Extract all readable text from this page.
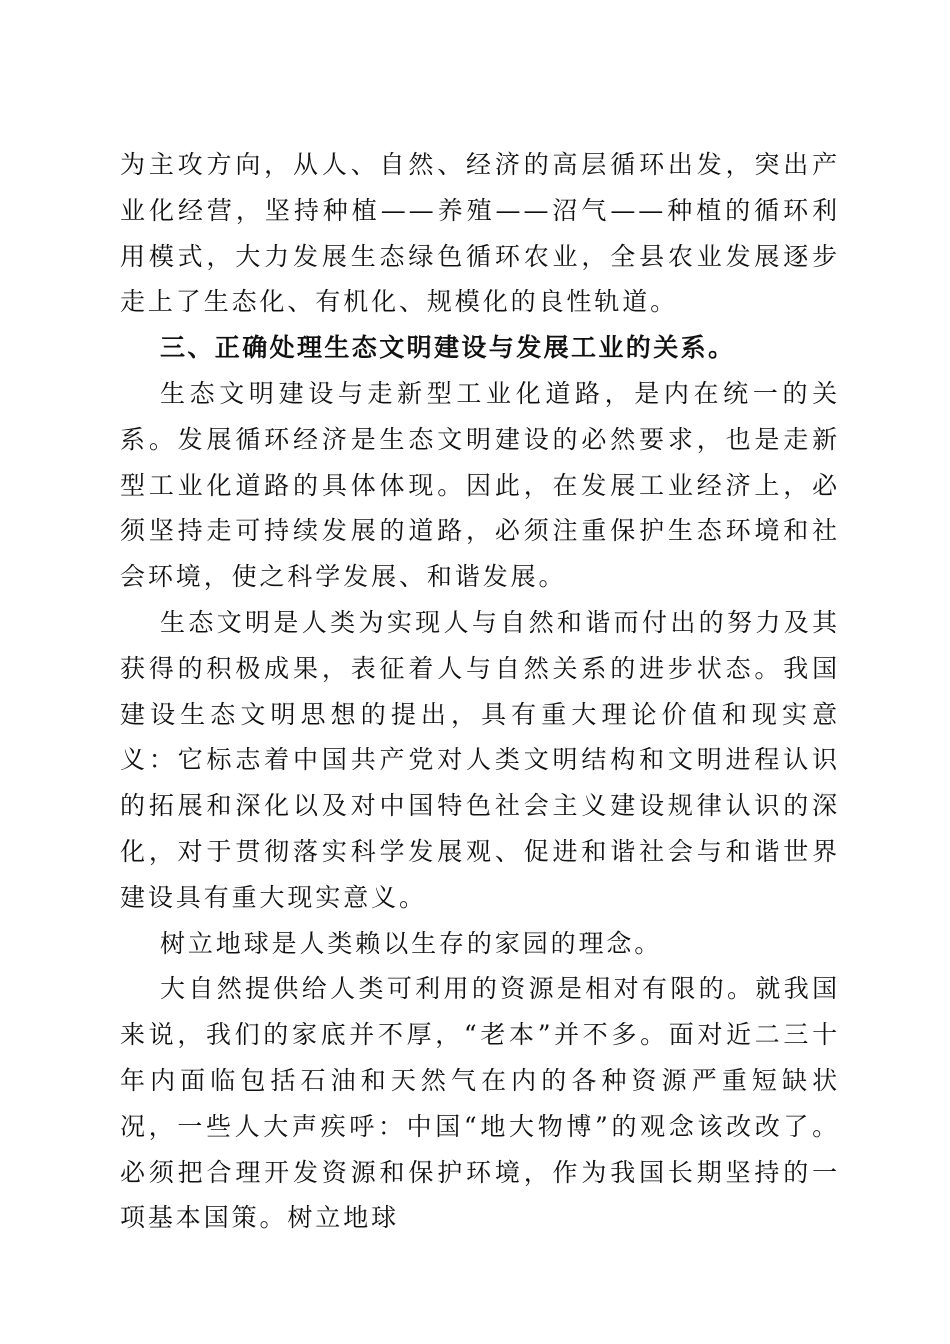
为主攻方向，从人、自然、经济的高层循环出发，突出产业化经营，坚持种植——养殖——沼气——种植的循环利用模式，大力发展生态绿色循环农业，全县农业发展逐步走上了生态化、有机化、规模化的良性轨道。

三、正确处理生态文明建设与发展工业的关系。

生态文明建设与走新型工业化道路，是内在统一的关系。发展循环经济是生态文明建设的必然要求，也是走新型工业化道路的具体体现。因此，在发展工业经济上，必须坚持走可持续发展的道路，必须注重保护生态环境和社会环境，使之科学发展、和谐发展。

生态文明是人类为实现人与自然和谐而付出的努力及其获得的积极成果，表征着人与自然关系的进步状态。我国建设生态文明思想的提出，具有重大理论价值和现实意义：它标志着中国共产党对人类文明结构和文明进程认识的拓展和深化以及对中国特色社会主义建设规律认识的深化，对于贯彻落实科学发展观、促进和谐社会与和谐世界建设具有重大现实意义。

树立地球是人类赖以生存的家园的理念。

大自然提供给人类可利用的资源是相对有限的。就我国来说，我们的家底并不厚，“老本”并不多。面对近二三十年内面临包括石油和天然气在内的各种资源严重短缺状况，一些人大声疾呼：中国“地大物博”的观念该改改了。必须把合理开发资源和保护环境，作为我国长期坚持的一项基本国策。树立地球
